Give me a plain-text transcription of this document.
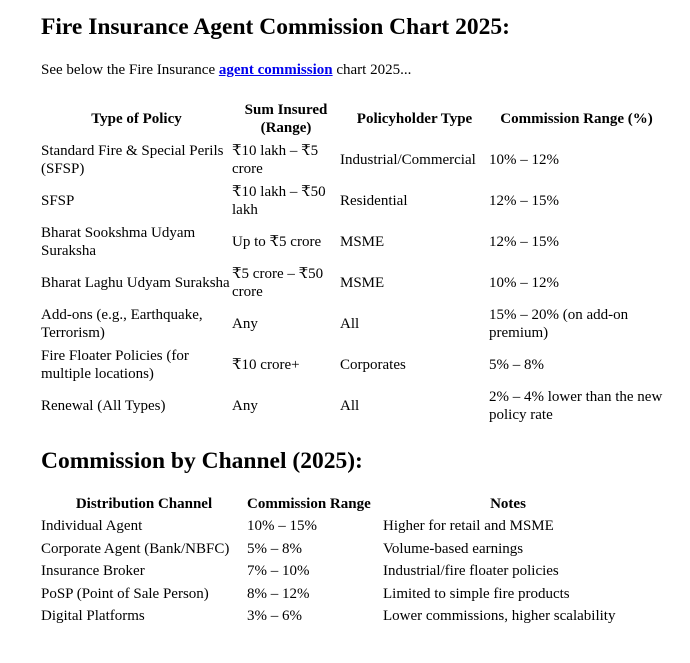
Fire Insurance Agent Commission Chart 2025:

See below the Fire Insurance agent commission chart 2025...

Type of Policy	Sum Insured (Range)	Policyholder Type	Commission Range (%)
Standard Fire & Special Perils (SFSP)	₹10 lakh – ₹5 crore	Industrial/Commercial	10% – 12%
SFSP	₹10 lakh – ₹50 lakh	Residential	12% – 15%
Bharat Sookshma Udyam Suraksha	Up to ₹5 crore	MSME	12% – 15%
Bharat Laghu Udyam Suraksha	₹5 crore – ₹50 crore	MSME	10% – 12%
Add-ons (e.g., Earthquake, Terrorism)	Any	All	15% – 20% (on add-on premium)
Fire Floater Policies (for multiple locations)	₹10 crore+	Corporates	5% – 8%
Renewal (All Types)	Any	All	2% – 4% lower than the new policy rate
Commission by Channel (2025):
Distribution Channel	Commission Range	Notes
Individual Agent	10% – 15%	Higher for retail and MSME
Corporate Agent (Bank/NBFC)	5% – 8%	Volume-based earnings
Insurance Broker	7% – 10%	Industrial/fire floater policies
PoSP (Point of Sale Person)	8% – 12%	Limited to simple fire products
Digital Platforms	3% – 6%	Lower commissions, higher scalability
